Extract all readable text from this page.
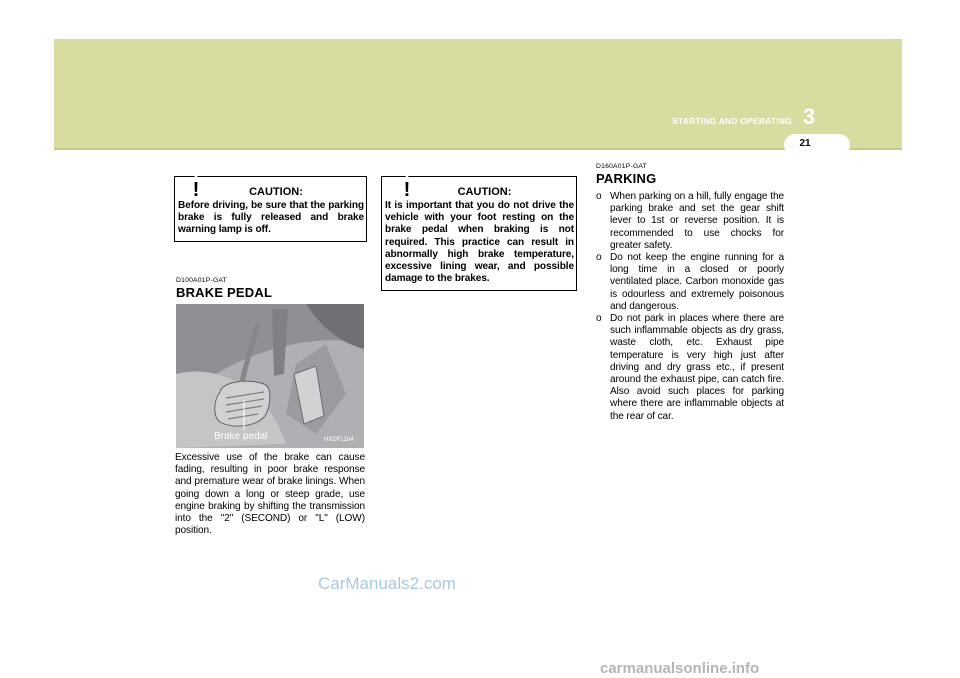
3
STARTING AND OPERATING
21
!	CAUTION:
Before driving, be sure that the parking brake is fully released and brake warning lamp is off.
D100A01P-GAT
BRAKE PEDAL
Brake pedal	HXDFL184
Excessive use of the brake can cause fading, resulting in poor brake response and premature wear of brake linings. When going down a long or steep grade, use engine braking by shifting the transmission into the "2" (SECOND) or "L" (LOW) position.
!	CAUTION:
It is important that you do not drive the vehicle with your foot resting on the brake pedal when braking is not required. This practice can result in abnormally high brake temperature, excessive lining wear, and possible damage to the brakes.
D160A01P-GAT
PARKING
o When parking on a hill, fully engage the parking brake and set the gear shift lever to 1st or reverse position. It is recommended to use chocks for greater safety.
o Do not keep the engine running for a long time in a closed or poorly ventilated place. Carbon monoxide gas is odourless and extremely poisonous and dangerous.
o Do not park in places where there are such inflammable objects as dry grass, waste cloth, etc. Exhaust pipe temperature is very high just after driving and dry grass etc., if present around the exhaust pipe, can catch fire. Also avoid such places for parking where there are inflammable objects at the rear of car.
CarManuals2.com
carmanualsonline.info
